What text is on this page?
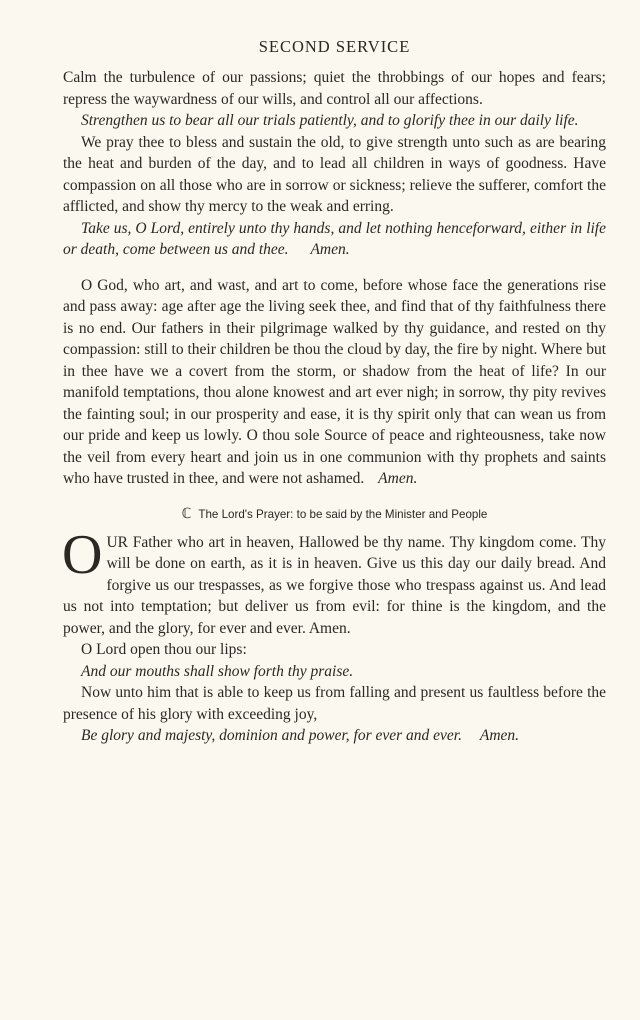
SECOND SERVICE

Calm the turbulence of our passions; quiet the throbbings of our hopes and fears; repress the waywardness of our wills, and control all our affections.

Strengthen us to bear all our trials patiently, and to glorify thee in our daily life.

We pray thee to bless and sustain the old, to give strength unto such as are bearing the heat and burden of the day, and to lead all children in ways of goodness. Have compassion on all those who are in sorrow or sickness; relieve the sufferer, comfort the afflicted, and show thy mercy to the weak and erring.

Take us, O Lord, entirely unto thy hands, and let nothing henceforward, either in life or death, come between us and thee. Amen.

O God, who art, and wast, and art to come, before whose face the generations rise and pass away: age after age the living seek thee, and find that of thy faithfulness there is no end. Our fathers in their pilgrimage walked by thy guidance, and rested on thy compassion: still to their children be thou the cloud by day, the fire by night. Where but in thee have we a covert from the storm, or shadow from the heat of life? In our manifold temptations, thou alone knowest and art ever nigh; in sorrow, thy pity revives the fainting soul; in our prosperity and ease, it is thy spirit only that can wean us from our pride and keep us lowly. O thou sole Source of peace and righteousness, take now the veil from every heart and join us in one communion with thy prophets and saints who have trusted in thee, and were not ashamed. Amen.

ℂ The Lord's Prayer: to be said by the Minister and People

O UR Father who art in heaven, Hallowed be thy name. Thy kingdom come. Thy will be done on earth, as it is in heaven. Give us this day our daily bread. And forgive us our trespasses, as we forgive those who trespass against us. And lead us not into temptation; but deliver us from evil: for thine is the kingdom, and the power, and the glory, for ever and ever. Amen.

O Lord open thou our lips:

And our mouths shall show forth thy praise.

Now unto him that is able to keep us from falling and present us faultless before the presence of his glory with exceeding joy,

Be glory and majesty, dominion and power, for ever and ever. Amen.
